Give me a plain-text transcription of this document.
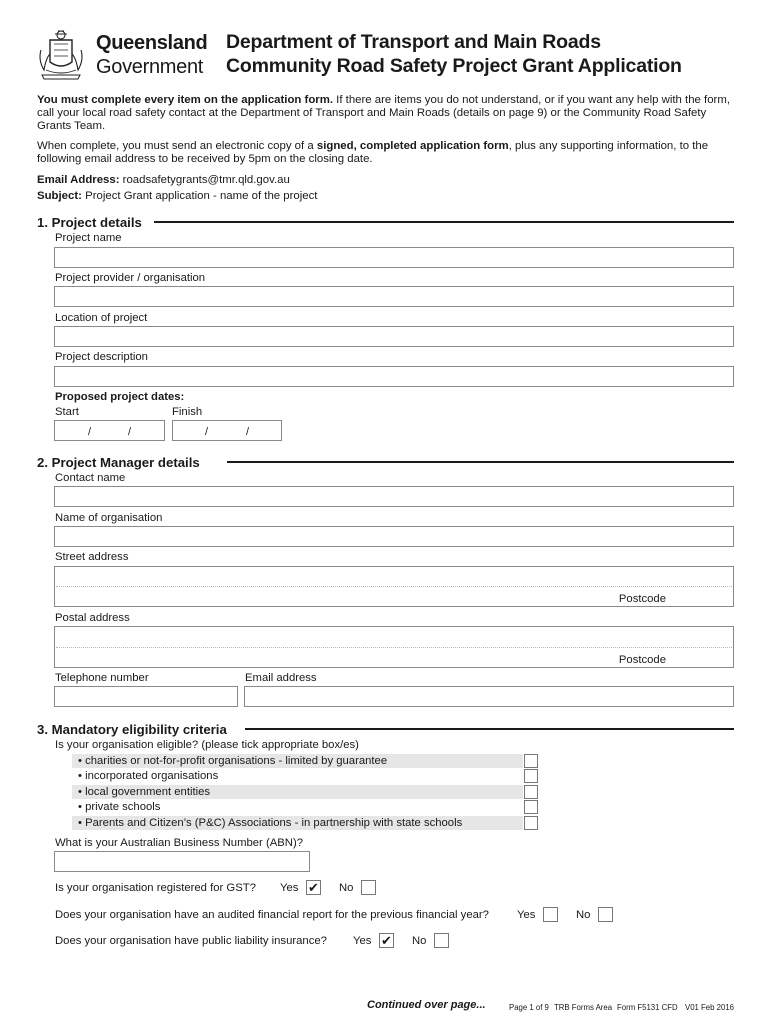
Queensland
Government
Department of Transport and Main Roads
Community Road Safety Project Grant Application
You must complete every item on the application form. If there are items you do not understand, or if you want any help with the form, call your local road safety contact at the Department of Transport and Main Roads (details on page 9) or the Community Road Safety Grants Team.
When complete, you must send an electronic copy of a signed, completed application form, plus any supporting information, to the following email address to be received by 5pm on the closing date.
Email Address: roadsafetygrants@tmr.qld.gov.au
Subject: Project Grant application - name of the project
1. Project details
Project name
Project provider / organisation
Location of project
Project description
Proposed project dates:
Start	Finish
/	/	/	/
2. Project Manager details
Contact name
Name of organisation
Street address
Postcode
Postal address
Postcode
Telephone number	Email address
3. Mandatory eligibility criteria
Is your organisation eligible? (please tick appropriate box/es)
• charities or not-for-profit organisations - limited by guarantee
• incorporated organisations
• local government entities
• private schools
• Parents and Citizen’s (P&C) Associations - in partnership with state schools
What is your Australian Business Number (ABN)?
Is your organisation registered for GST? Yes ✔ No
Does your organisation have an audited financial report for the previous financial year? Yes	No
Does your organisation have public liability insurance? Yes ✔ No
Continued over page...	Page 1 of 9 TRB Forms Area Form F5131 CFD V01 Feb 2016
